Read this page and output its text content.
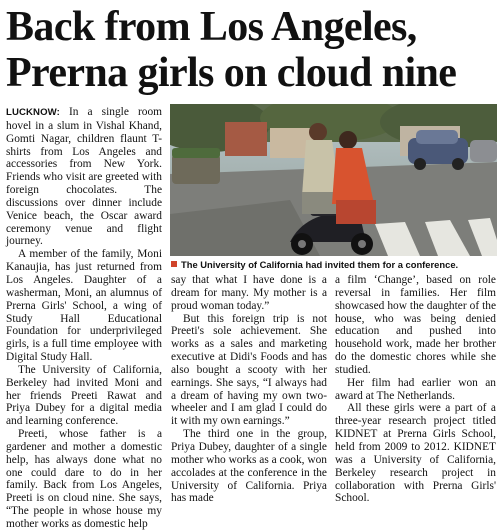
Back from Los Angeles,
Prerna girls on cloud nine

LUCKNOW: In a single room hovel in a slum in Vishal Khand, Gomti Nagar, children flaunt T-shirts from Los Angeles and accessories from New York. Friends who visit are greeted with foreign chocolates. The discussions over dinner include Venice beach, the Oscar award ceremony venue and flight journey.

A member of the family, Moni Kanaujia, has just returned from Los Angeles. Daughter of a washerman, Moni, an alumnus of Prerna Girls' School, a wing of Study Hall Educational Foundation for underprivileged girls, is a full time employee with Digital Study Hall.

The University of California, Berkeley had invited Moni and her friends Preeti Rawat and Priya Dubey for a digital media and learning conference.

Preeti, whose father is a gardener and mother a domestic help, has always done what no one could dare to do in her family. Back from Los Angeles, Preeti is on cloud nine. She says, “The people in whose house my mother works as domestic help

The University of California had invited them for a conference.

say that what I have done is a dream for many. My mother is a proud woman today.”

But this foreign trip is not Preeti's sole achievement. She works as a sales and marketing executive at Didi's Foods and has also bought a scooty with her earnings. She says, “I always had a dream of having my own two-wheeler and I am glad I could do it with my own earnings.”

The third one in the group, Priya Dubey, daughter of a single mother who works as a cook, won accolades at the conference in the University of California. Priya has made

a film ‘Change’, based on role reversal in families. Her film showcased how the daughter of the house, who was being denied education and pushed into household work, made her brother do the domestic chores while she studied.

Her film had earlier won an award at The Netherlands.

All these girls were a part of a three-year research project titled KIDNET at Prerna Girls School, held from 2009 to 2012. KIDNET was a University of California, Berkeley research project in collaboration with Prerna Girls' School.
